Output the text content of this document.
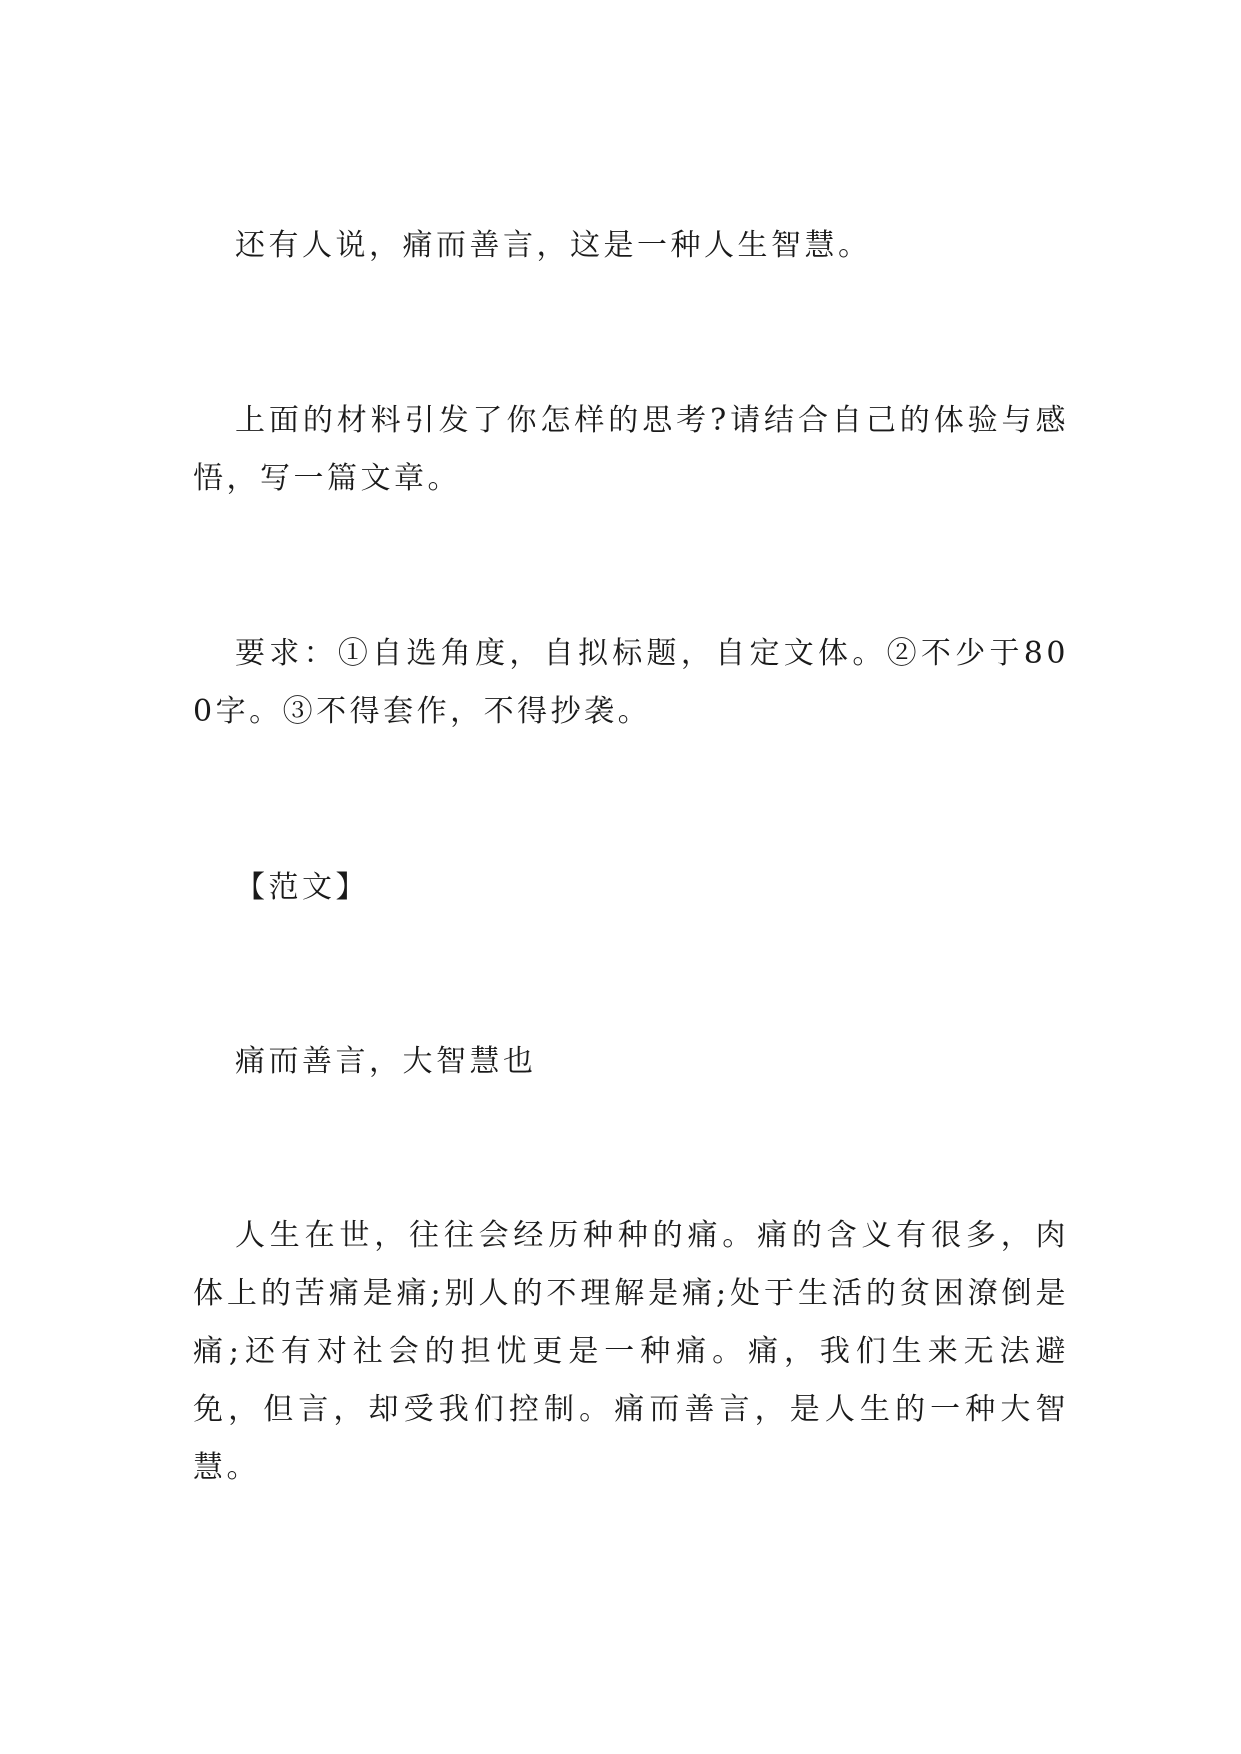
还有人说，痛而善言，这是一种人生智慧。

上面的材料引发了你怎样的思考?请结合自己的体验与感悟，写一篇文章。

要求：①自选角度，自拟标题，自定文体。②不少于800字。③不得套作，不得抄袭。

【范文】

痛而善言，大智慧也

人生在世，往往会经历种种的痛。痛的含义有很多，肉体上的苦痛是痛;别人的不理解是痛;处于生活的贫困潦倒是痛;还有对社会的担忧更是一种痛。痛，我们生来无法避免，但言，却受我们控制。痛而善言，是人生的一种大智慧。
